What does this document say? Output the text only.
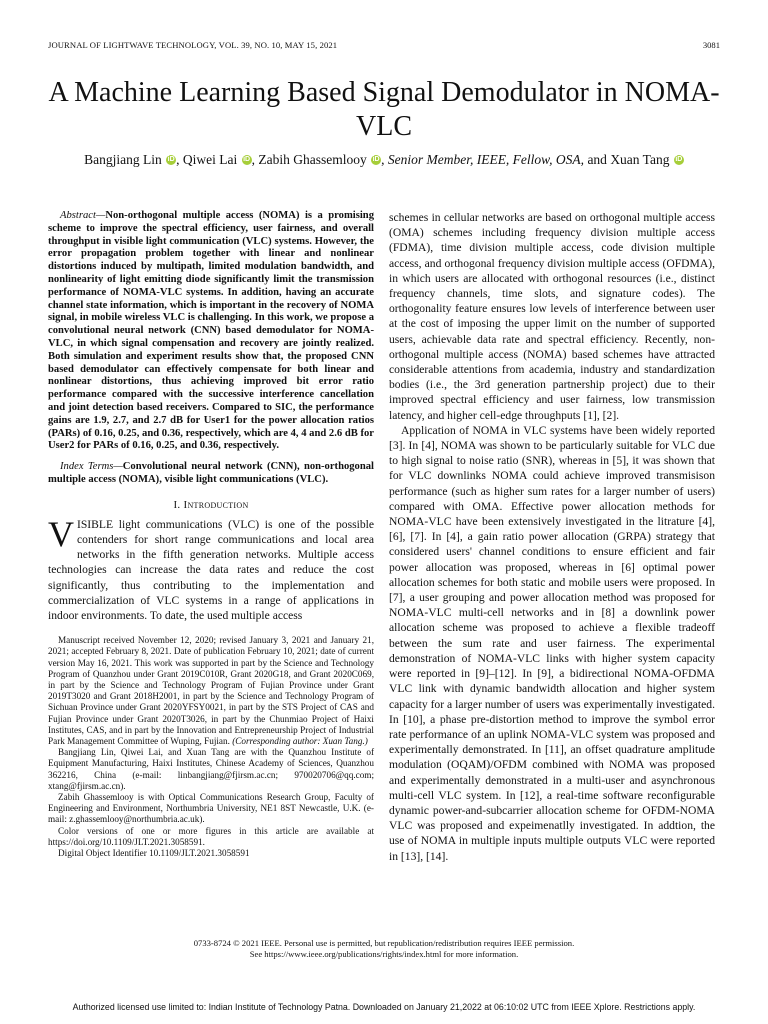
JOURNAL OF LIGHTWAVE TECHNOLOGY, VOL. 39, NO. 10, MAY 15, 2021	3081
A Machine Learning Based Signal Demodulator in NOMA-VLC
Bangjiang Lin iD , Qiwei Lai iD , Zabih Ghassemlooy iD , Senior Member, IEEE, Fellow, OSA, and Xuan Tang iD

Abstract—Non-orthogonal multiple access (NOMA) is a promising scheme to improve the spectral efficiency, user fairness, and overall throughput in visible light communication (VLC) systems. However, the error propagation problem together with linear and nonlinear distortions induced by multipath, limited modulation bandwidth, and nonlinearity of light emitting diode significantly limit the transmission performance of NOMA-VLC systems. In addition, having an accurate channel state information, which is important in the recovery of NOMA signal, in mobile wireless VLC is challenging. In this work, we propose a convolutional neural network (CNN) based demodulator for NOMA-VLC, in which signal compensation and recovery are jointly realized. Both simulation and experiment results show that, the proposed CNN based demodulator can effectively compensate for both linear and nonlinear distortions, thus achieving improved bit error ratio performance compared with the successive interference cancellation and joint detection based receivers. Compared to SIC, the performance gains are 1.9, 2.7, and 2.7 dB for User1 for the power allocation ratios (PARs) of 0.16, 0.25, and 0.36, respectively, which are 4, 4 and 2.6 dB for User2 for PARs of 0.16, 0.25, and 0.36, respectively.

Index Terms—Convolutional neural network (CNN), non-orthogonal multiple access (NOMA), visible light communications (VLC).

I. Introduction

VISIBLE light communications (VLC) is one of the possible contenders for short range communications and local area networks in the fifth generation networks. Multiple access technologies can increase the data rates and reduce the cost significantly, thus contributing to the implementation and commercialization of VLC systems in a range of applications in indoor environments. To date, the used multiple access

Manuscript received November 12, 2020; revised January 3, 2021 and January 21, 2021; accepted February 8, 2021. Date of publication February 10, 2021; date of current version May 16, 2021. This work was supported in part by the Science and Technology Program of Quanzhou under Grant 2019C010R, Grant 2020G18, and Grant 2020C069, in part by the Science and Technology Program of Fujian Province under Grant 2019T3020 and Grant 2018H2001, in part by the Science and Technology Program of Sichuan Province under Grant 2020YFSY0021, in part by the STS Project of CAS and Fujian Province under Grant 2020T3026, in part by the Chunmiao Project of Haixi Institutes, CAS, and in part by the Innovation and Entrepreneurship Project of Industrial Park Management Committee of Wuping, Fujian. (Corresponding author: Xuan Tang.)

Bangjiang Lin, Qiwei Lai, and Xuan Tang are with the Quanzhou Institute of Equipment Manufacturing, Haixi Institutes, Chinese Academy of Sciences, Quanzhou 362216, China (e-mail: linbangjiang@fjirsm.ac.cn; 970020706@qq.com; xtang@fjirsm.ac.cn).

Zabih Ghassemlooy is with Optical Communications Research Group, Faculty of Engineering and Environment, Northumbria University, NE1 8ST Newcastle, U.K. (e-mail: z.ghassemlooy@northumbria.ac.uk).

Color versions of one or more figures in this article are available at https://doi.org/10.1109/JLT.2021.3058591.

Digital Object Identifier 10.1109/JLT.2021.3058591

schemes in cellular networks are based on orthogonal multiple access (OMA) schemes including frequency division multiple access (FDMA), time division multiple access, code division multiple access, and orthogonal frequency division multiple access (OFDMA), in which users are allocated with orthogonal resources (i.e., distinct frequency channels, time slots, and signature codes). The orthogonality feature ensures low levels of interference between user at the cost of imposing the upper limit on the number of supported users, achievable data rate and spectral efficiency. Recently, non-orthogonal multiple access (NOMA) based schemes have attracted considerable attentions from academia, industry and standardization bodies (i.e., the 3rd generation partnership project) due to their improved spectral efficiency and user fairness, low transmission latency, and higher cell-edge throughputs [1], [2].

Application of NOMA in VLC systems have been widely reported [3]. In [4], NOMA was shown to be particularly suitable for VLC due to high signal to noise ratio (SNR), whereas in [5], it was shown that for VLC downlinks NOMA could achieve improved transmisison performance (such as higher sum rates for a larger number of users) compared with OMA. Effective power allocation methods for NOMA-VLC have been extensively investigated in the litrature [4], [6], [7]. In [4], a gain ratio power allocation (GRPA) strategy that considered users' channel conditions to ensure efficient and fair power allocation was proposed, whereas in [6] optimal power allocation schemes for both static and mobile users were proposed. In [7], a user grouping and power allocation method was proposed for NOMA-VLC multi-cell networks and in [8] a downlink power allocation scheme was proposed to achieve a flexible tradeoff between the sum rate and user fairness. The experimental demonstration of NOMA-VLC links with higher system capacity were reported in [9]–[12]. In [9], a bidirectional NOMA-OFDMA VLC link with dynamic bandwidth allocation and higher system capacity for a larger number of users was experimentally investigated. In [10], a phase pre-distortion method to improve the symbol error rate performance of an uplink NOMA-VLC system was proposed and experimentally demonstrated. In [11], an offset quadrature amplitude modulation (OQAM)/OFDM combined with NOMA was proposed and experimentally demonstrated in a multi-user and asynchronous multi-cell VLC system. In [12], a real-time software reconfigurable dynamic power-and-subcarrier allocation scheme for OFDM-NOMA VLC was proposed and expeimenatlly investigated. In addtion, the use of NOMA in multiple inputs multiple outputs VLC were reported in [13], [14].

0733-8724 © 2021 IEEE. Personal use is permitted, but republication/redistribution requires IEEE permission.
See https://www.ieee.org/publications/rights/index.html for more information.
Authorized licensed use limited to: Indian Institute of Technology Patna. Downloaded on January 21,2022 at 06:10:02 UTC from IEEE Xplore. Restrictions apply.
